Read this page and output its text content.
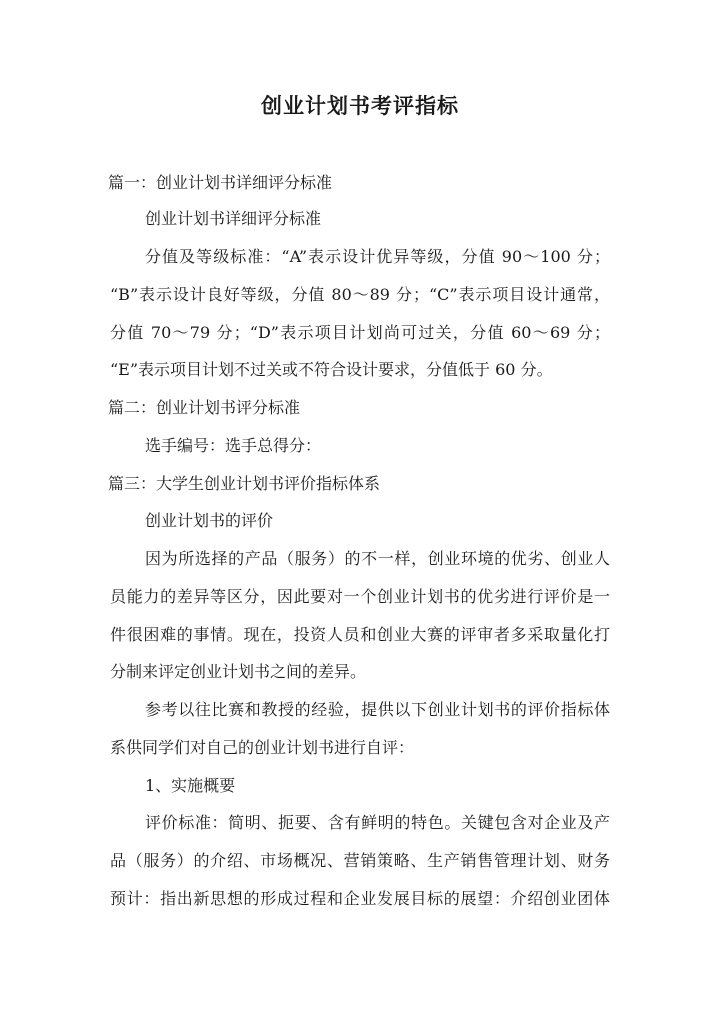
创业计划书考评指标
篇一：创业计划书详细评分标准
创业计划书详细评分标准
分值及等级标准：“A”表示设计优异等级，分值 90～100 分；
“B”表示设计良好等级，分值 80～89 分；“C”表示项目设计通常，
分值 70～79 分；“D”表示项目计划尚可过关，分值 60～69 分；
“E”表示项目计划不过关或不符合设计要求，分值低于 60 分。
篇二：创业计划书评分标准
选手编号：选手总得分：
篇三：大学生创业计划书评价指标体系
创业计划书的评价
因为所选择的产品（服务）的不一样，创业环境的优劣、创业人
员能力的差异等区分，因此要对一个创业计划书的优劣进行评价是一
件很困难的事情。现在，投资人员和创业大赛的评审者多采取量化打
分制来评定创业计划书之间的差异。
参考以往比赛和教授的经验，提供以下创业计划书的评价指标体
系供同学们对自己的创业计划书进行自评：
1、实施概要
评价标准：简明、扼要、含有鲜明的特色。关键包含对企业及产
品（服务）的介绍、市场概况、营销策略、生产销售管理计划、财务
预计：指出新思想的形成过程和企业发展目标的展望：介绍创业团体
